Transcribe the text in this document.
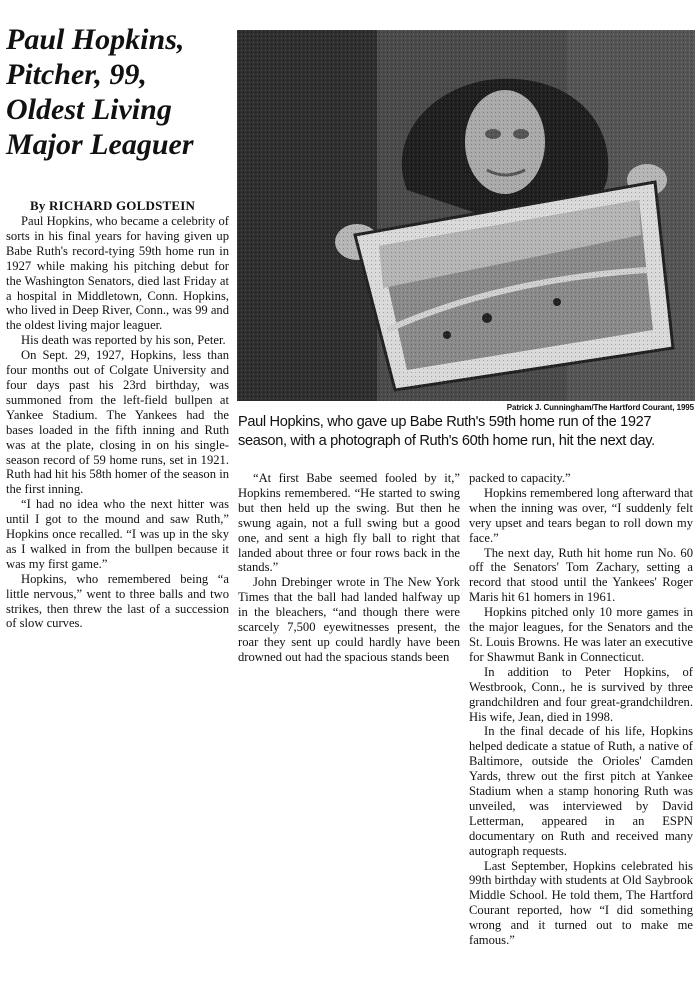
Paul Hopkins,
Pitcher, 99,
Oldest Living
Major Leaguer
By RICHARD GOLDSTEIN

Paul Hopkins, who became a celebrity of sorts in his final years for having given up Babe Ruth's record-tying 59th home run in 1927 while making his pitching debut for the Washington Senators, died last Friday at a hospital in Middletown, Conn. Hopkins, who lived in Deep River, Conn., was 99 and the oldest living major leaguer.

His death was reported by his son, Peter.

On Sept. 29, 1927, Hopkins, less than four months out of Colgate University and four days past his 23rd birthday, was summoned from the left-field bullpen at Yankee Stadium. The Yankees had the bases loaded in the fifth inning and Ruth was at the plate, closing in on his single-season record of 59 home runs, set in 1921. Ruth had hit his 58th homer of the season in the first inning.

“I had no idea who the next hitter was until I got to the mound and saw Ruth,” Hopkins once recalled. “I was up in the sky as I walked in from the bullpen because it was my first game.”

Hopkins, who remembered being “a little nervous,” went to three balls and two strikes, then threw the last of a succession of slow curves.

Patrick J. Cunningham/The Hartford Courant, 1995
Paul Hopkins, who gave up Babe Ruth's 59th home run of the 1927
season, with a photograph of Ruth's 60th home run, hit the next day.

“At first Babe seemed fooled by it,” Hopkins remembered. “He started to swing but then held up the swing. But then he swung again, not a full swing but a good one, and sent a high fly ball to right that landed about three or four rows back in the stands.”

John Drebinger wrote in The New York Times that the ball had landed halfway up in the bleachers, “and though there were scarcely 7,500 eyewitnesses present, the roar they sent up could hardly have been drowned out had the spacious stands been

packed to capacity.”

Hopkins remembered long afterward that when the inning was over, “I suddenly felt very upset and tears began to roll down my face.”

The next day, Ruth hit home run No. 60 off the Senators' Tom Zachary, setting a record that stood until the Yankees' Roger Maris hit 61 homers in 1961.

Hopkins pitched only 10 more games in the major leagues, for the Senators and the St. Louis Browns. He was later an executive for Shawmut Bank in Connecticut.

In addition to Peter Hopkins, of Westbrook, Conn., he is survived by three grandchildren and four great-grandchildren. His wife, Jean, died in 1998.

In the final decade of his life, Hopkins helped dedicate a statue of Ruth, a native of Baltimore, outside the Orioles' Camden Yards, threw out the first pitch at Yankee Stadium when a stamp honoring Ruth was unveiled, was interviewed by David Letterman, appeared in an ESPN documentary on Ruth and received many autograph requests.

Last September, Hopkins celebrated his 99th birthday with students at Old Saybrook Middle School. He told them, The Hartford Courant reported, how “I did something wrong and it turned out to make me famous.”
